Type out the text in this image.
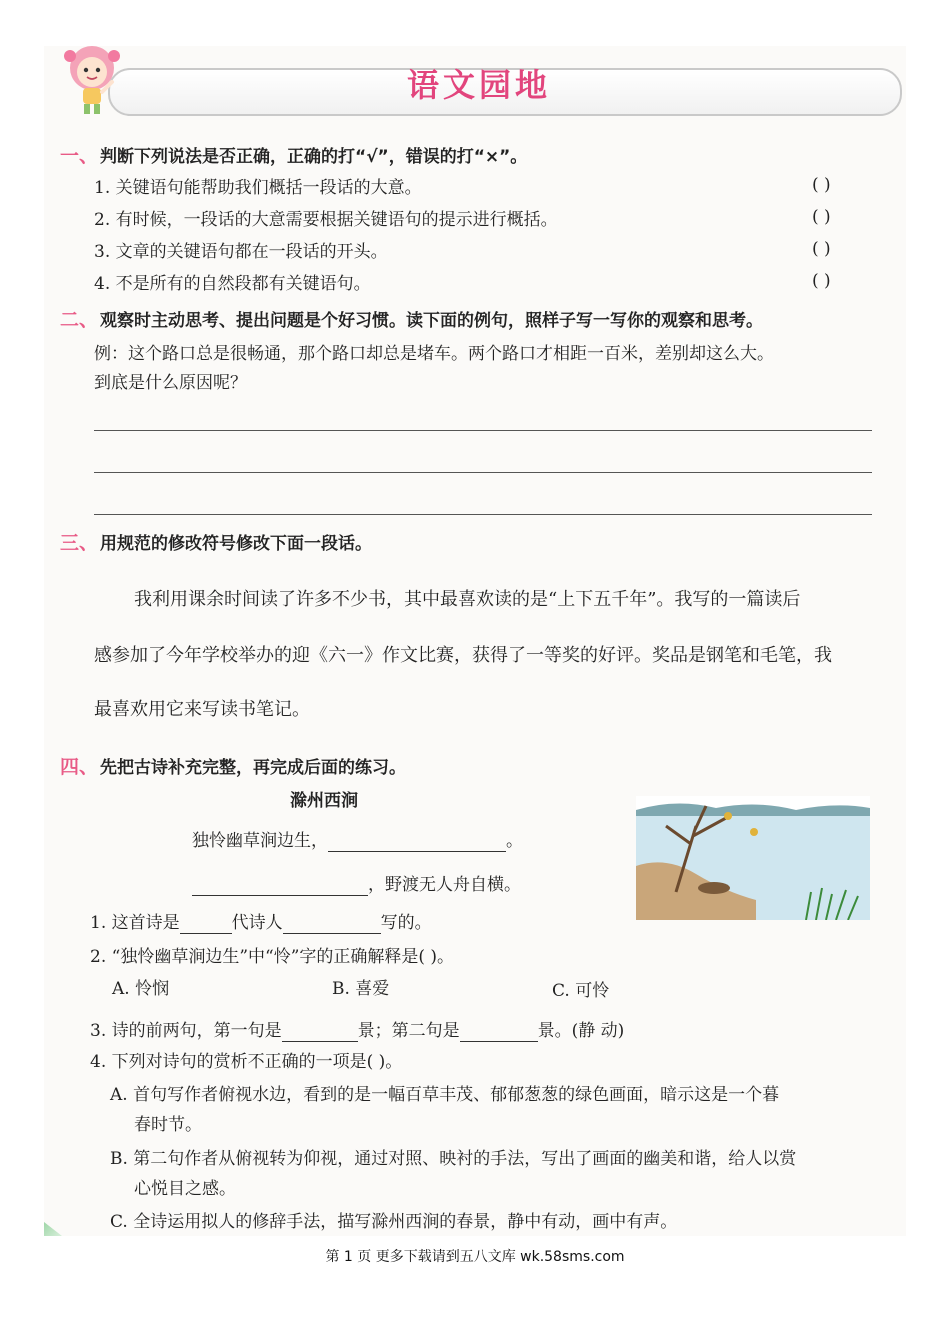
语文园地
一、 判断下列说法是否正确，正确的打“√”，错误的打“×”。
1. 关键语句能帮助我们概括一段话的大意。	( )
2. 有时候，一段话的大意需要根据关键语句的提示进行概括。	( )
3. 文章的关键语句都在一段话的开头。	( )
4. 不是所有的自然段都有关键语句。	( )
二、 观察时主动思考、提出问题是个好习惯。读下面的例句，照样子写一写你的观察和思考。
例：这个路口总是很畅通，那个路口却总是堵车。两个路口才相距一百米，差别却这么大。
到底是什么原因呢？
三、 用规范的修改符号修改下面一段话。
我利用课余时间读了许多不少书，其中最喜欢读的是“上下五千年”。我写的一篇读后
感参加了今年学校举办的迎《六一》作文比赛，获得了一等奖的好评。奖品是钢笔和毛笔，我
最喜欢用它来写读书笔记。
四、 先把古诗补充完整，再完成后面的练习。
滁州西涧
独怜幽草涧边生，	。
，野渡无人舟自横。
1. 这首诗是	代诗人	写的。
2. “独怜幽草涧边生”中“怜”字的正确解释是( )。
A. 怜悯	B. 喜爱	C. 可怜
3. 诗的前两句，第一句是	景；第二句是	景。(静 动)
4. 下列对诗句的赏析不正确的一项是( )。
A. 首句写作者俯视水边，看到的是一幅百草丰茂、郁郁葱葱的绿色画面，暗示这是一个暮
春时节。
B. 第二句作者从俯视转为仰视，通过对照、映衬的手法，写出了画面的幽美和谐，给人以赏
心悦目之感。
C. 全诗运用拟人的修辞手法，描写滁州西涧的春景，静中有动，画中有声。
第 1 页 更多下载请到五八文库 wk.58sms.com
